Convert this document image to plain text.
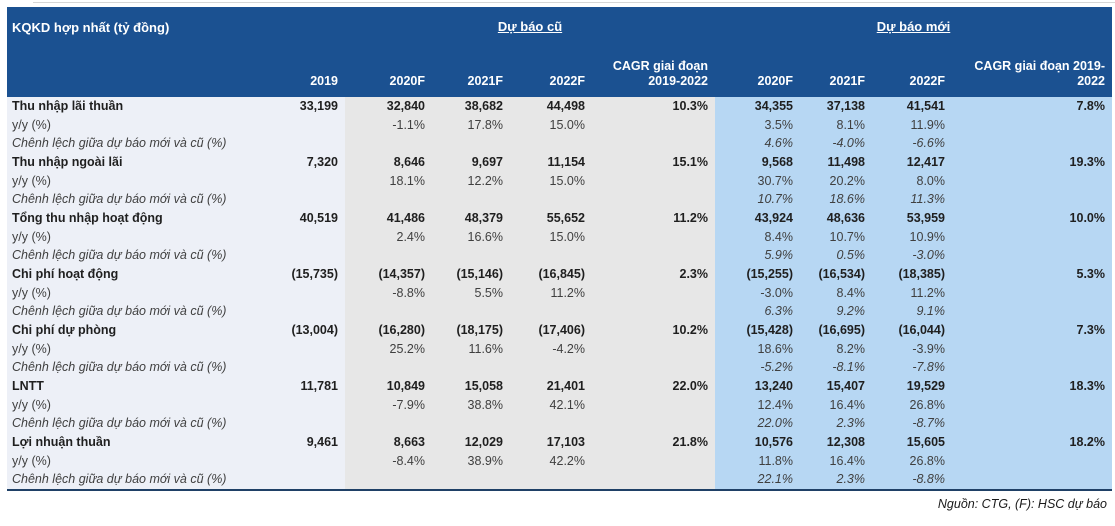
KQKD hợp nhất (tỷ đồng)		Dự báo cũ				Dự báo mới			
	2019	2020F	2021F	2022F	CAGR giai đoạn 2019-2022	2020F	2021F	2022F	CAGR giai đoạn 2019-2022
Thu nhập lãi thuần	33,199	32,840	38,682	44,498	10.3%	34,355	37,138	41,541	7.8%
y/y (%)		-1.1%	17.8%	15.0%		3.5%	8.1%	11.9%	
Chênh lệch giữa dự báo mới và cũ (%)						4.6%	-4.0%	-6.6%	
Thu nhập ngoài lãi	7,320	8,646	9,697	11,154	15.1%	9,568	11,498	12,417	19.3%
y/y (%)		18.1%	12.2%	15.0%		30.7%	20.2%	8.0%	
Chênh lệch giữa dự báo mới và cũ (%)						10.7%	18.6%	11.3%	
Tổng thu nhập hoạt động	40,519	41,486	48,379	55,652	11.2%	43,924	48,636	53,959	10.0%
y/y (%)		2.4%	16.6%	15.0%		8.4%	10.7%	10.9%	
Chênh lệch giữa dự báo mới và cũ (%)						5.9%	0.5%	-3.0%	
Chi phí hoạt động	(15,735)	(14,357)	(15,146)	(16,845)	2.3%	(15,255)	(16,534)	(18,385)	5.3%
y/y (%)		-8.8%	5.5%	11.2%		-3.0%	8.4%	11.2%	
Chênh lệch giữa dự báo mới và cũ (%)						6.3%	9.2%	9.1%	
Chi phí dự phòng	(13,004)	(16,280)	(18,175)	(17,406)	10.2%	(15,428)	(16,695)	(16,044)	7.3%
y/y (%)		25.2%	11.6%	-4.2%		18.6%	8.2%	-3.9%	
Chênh lệch giữa dự báo mới và cũ (%)						-5.2%	-8.1%	-7.8%	
LNTT	11,781	10,849	15,058	21,401	22.0%	13,240	15,407	19,529	18.3%
y/y (%)		-7.9%	38.8%	42.1%		12.4%	16.4%	26.8%	
Chênh lệch giữa dự báo mới và cũ (%)						22.0%	2.3%	-8.7%	
Lợi nhuận thuần	9,461	8,663	12,029	17,103	21.8%	10,576	12,308	15,605	18.2%
y/y (%)		-8.4%	38.9%	42.2%		11.8%	16.4%	26.8%	
Chênh lệch giữa dự báo mới và cũ (%)						22.1%	2.3%	-8.8%	
Nguồn: CTG, (F): HSC dự báo
